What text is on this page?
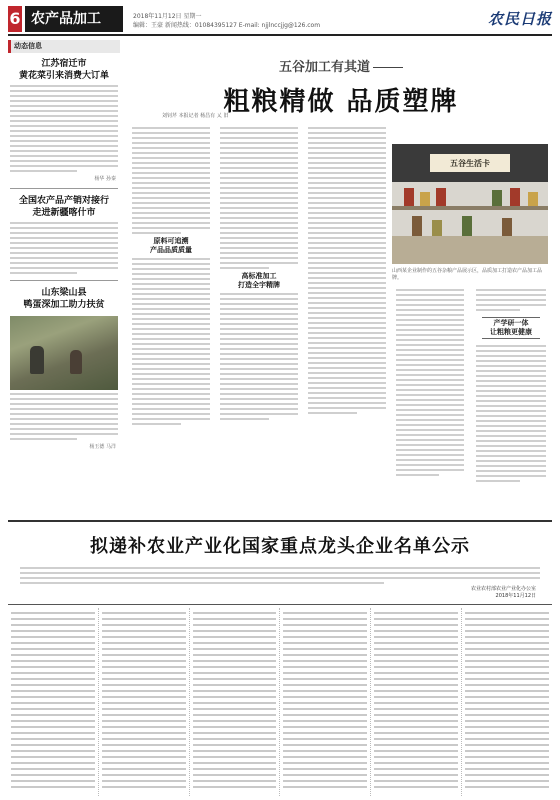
6 农产品加工	2018年11月12日 星期一
编辑：王豪 新闻热线：01084395127 E-mail: njjlnccjjg@126.com	农民日报
动态信息
江苏宿迁市
黄花菜引来消费大订单
杨华 孙秦
全国农产品产销对接行
走进新疆喀什市
山东梁山县
鸭蛋深加工助力扶贫
杨玉德 马洋
五谷加工有其道
粗粮精做 品质塑牌
刘钊芹 本报记者 杨昌有 乂 旧
原料可追溯
产品品质质量
高标准加工
打造全宇精牌
五谷生活卡
山西某企业制作的五谷杂粮产品展示区，品质加工打造农产品加工品牌。
产学研一体
让粗粮更健康
拟递补农业产业化国家重点龙头企业名单公示
农业农村部农业产业化办公室
2018年11月12日
